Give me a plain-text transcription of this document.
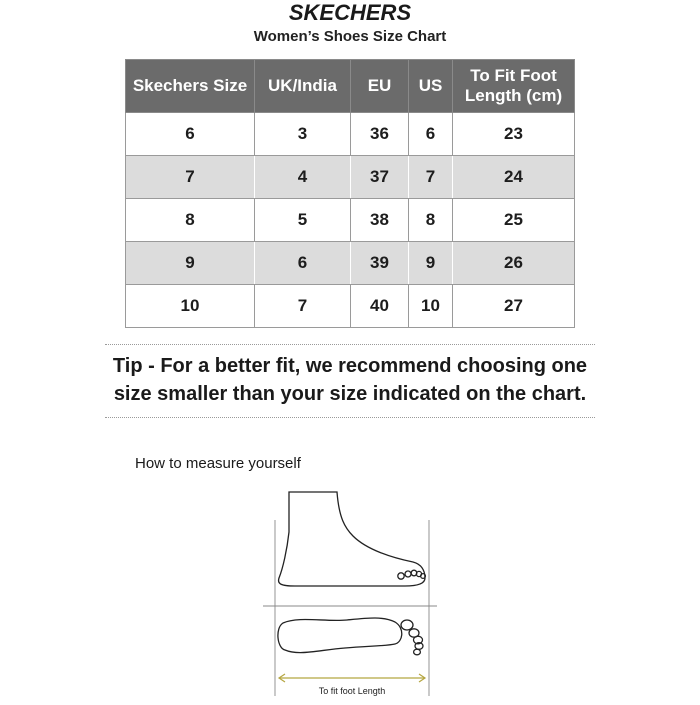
SKECHERS
Women’s Shoes Size Chart
Skechers Size	UK/India	EU	US	To Fit Foot Length (cm)
6	3	36	6	23
7	4	37	7	24
8	5	38	8	25
9	6	39	9	26
10	7	40	10	27
Tip - For a better fit, we recommend choosing one
size smaller than your size indicated on the chart.
How to measure yourself
To fit foot Length
